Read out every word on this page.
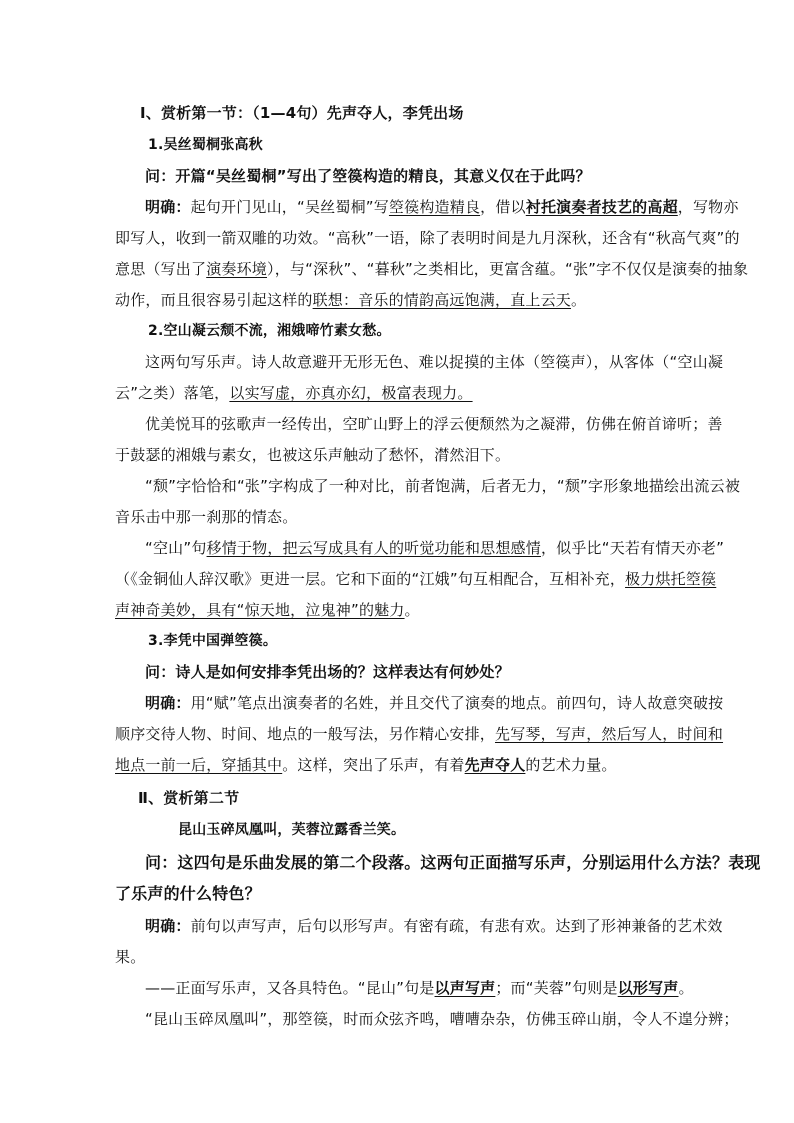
Ⅰ、赏析第一节：（1—4句）先声夺人，李凭出场
1.吴丝蜀桐张高秋
问：开篇“吴丝蜀桐”写出了箜篌构造的精良，其意义仅在于此吗？
明确：起句开门见山，“吴丝蜀桐”写箜篌构造精良，借以衬托演奏者技艺的高超，写物亦
即写人，收到一箭双雕的功效。“高秋”一语，除了表明时间是九月深秋，还含有“秋高气爽”的
意思（写出了演奏环境），与“深秋”、“暮秋”之类相比，更富含蕴。“张”字不仅仅是演奏的抽象
动作，而且很容易引起这样的联想：音乐的情韵高远饱满，直上云天。
2.空山凝云颓不流，湘娥啼竹素女愁。
这两句写乐声。诗人故意避开无形无色、难以捉摸的主体（箜篌声），从客体（“空山凝
云”之类）落笔，以实写虚，亦真亦幻，极富表现力。
优美悦耳的弦歌声一经传出，空旷山野上的浮云便颓然为之凝滞，仿佛在俯首谛听；善
于鼓瑟的湘娥与素女，也被这乐声触动了愁怀，潸然泪下。
“颓”字恰恰和“张”字构成了一种对比，前者饱满，后者无力，“颓”字形象地描绘出流云被
音乐击中那一刹那的情态。
“空山”句移情于物，把云写成具有人的听觉功能和思想感情，似乎比“天若有情天亦老”
（《金铜仙人辞汉歌》更进一层。它和下面的“江娥”句互相配合，互相补充，极力烘托箜篌
声神奇美妙，具有“惊天地，泣鬼神”的魅力。
3.李凭中国弹箜篌。
问：诗人是如何安排李凭出场的？这样表达有何妙处？
明确：用“赋”笔点出演奏者的名姓，并且交代了演奏的地点。前四句，诗人故意突破按
顺序交待人物、时间、地点的一般写法，另作精心安排，先写琴，写声，然后写人，时间和
地点一前一后，穿插其中。这样，突出了乐声，有着先声夺人的艺术力量。
Ⅱ、赏析第二节
昆山玉碎凤凰叫，芙蓉泣露香兰笑。
问：这四句是乐曲发展的第二个段落。这两句正面描写乐声，分别运用什么方法？表现
了乐声的什么特色？
明确：前句以声写声，后句以形写声。有密有疏，有悲有欢。达到了形神兼备的艺术效
果。
——正面写乐声，又各具特色。“昆山”句是以声写声；而“芙蓉”句则是以形写声。
“昆山玉碎凤凰叫”，那箜篌，时而众弦齐鸣，嘈嘈杂杂，仿佛玉碎山崩，令人不遑分辨；
